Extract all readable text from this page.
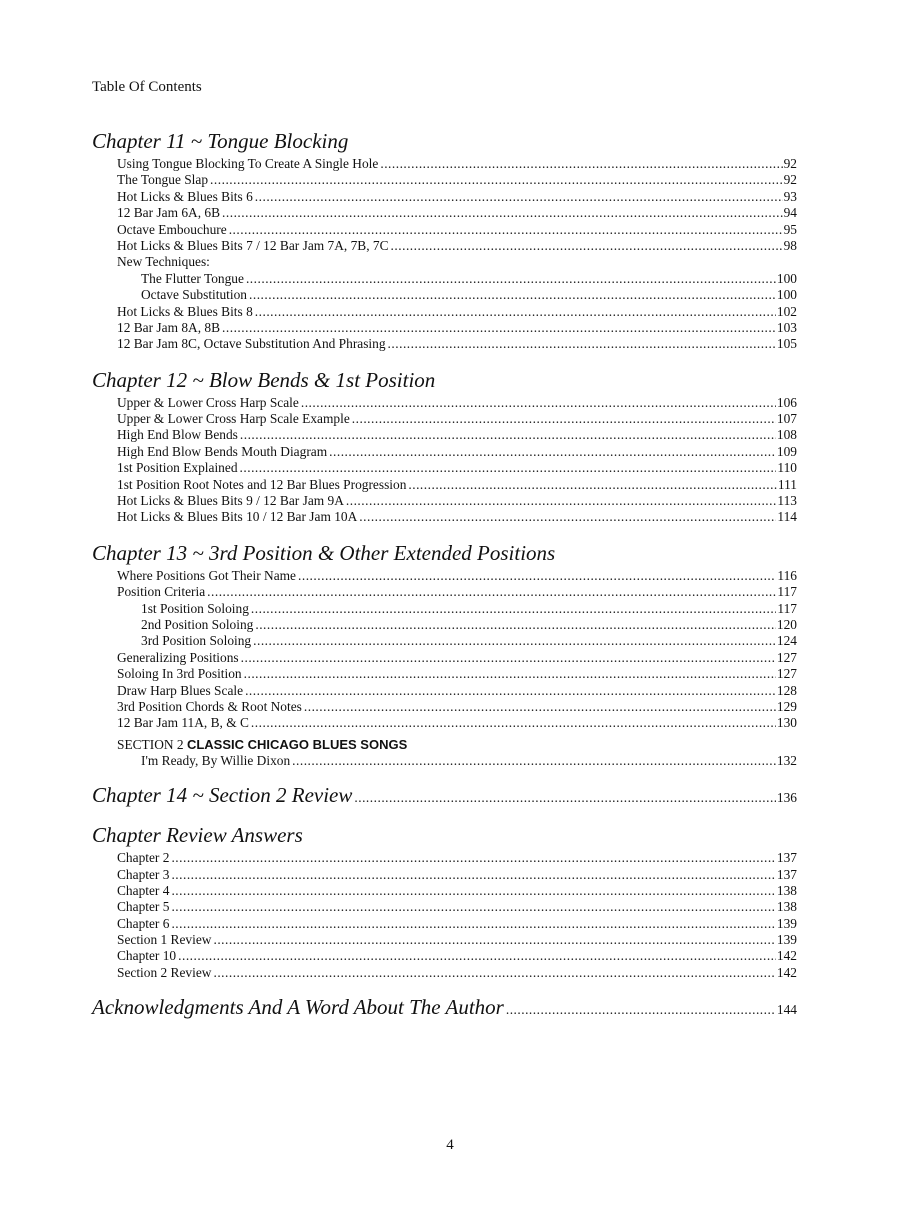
Table Of Contents
Chapter 11 ~ Tongue Blocking
Using Tongue Blocking To Create A Single Hole .....	92
The Tongue Slap .....	92
Hot Licks & Blues Bits 6 .....	93
12 Bar Jam 6A, 6B .....	94
Octave Embouchure .....	95
Hot Licks & Blues Bits 7 / 12 Bar Jam 7A, 7B, 7C .....	98
New Techniques:
The Flutter Tongue .....	100
Octave Substitution .....	100
Hot Licks & Blues Bits 8 .....	102
12 Bar Jam 8A, 8B .....	103
12 Bar Jam 8C, Octave Substitution And Phrasing .....	105
Chapter 12 ~ Blow Bends & 1st Position
Upper & Lower Cross Harp Scale .....	106
Upper & Lower Cross Harp Scale Example .....	107
High End Blow Bends .....	108
High End Blow Bends Mouth Diagram .....	109
1st Position Explained .....	110
1st Position Root Notes and 12 Bar Blues Progression .....	111
Hot Licks & Blues Bits 9 / 12 Bar Jam 9A .....	113
Hot Licks & Blues Bits 10 / 12 Bar Jam 10A .....	114
Chapter 13 ~ 3rd Position & Other Extended Positions
Where Positions Got Their Name .....	116
Position Criteria .....	117
1st Position Soloing .....	117
2nd Position Soloing .....	120
3rd Position Soloing .....	124
Generalizing Positions .....	127
Soloing In 3rd Position .....	127
Draw Harp Blues Scale .....	128
3rd Position Chords & Root Notes .....	129
12 Bar Jam 11A, B, & C .....	130
SECTION 2 CLASSIC CHICAGO BLUES SONGS
I'm Ready, By Willie Dixon .....	132
Chapter 14 ~ Section 2 Review .....	136
Chapter Review Answers
Chapter 2 .....	137
Chapter 3 .....	137
Chapter 4 .....	138
Chapter 5 .....	138
Chapter 6 .....	139
Section 1 Review .....	139
Chapter 10 .....	142
Section 2 Review .....	142
Acknowledgments And A Word About The Author .....	144
4
